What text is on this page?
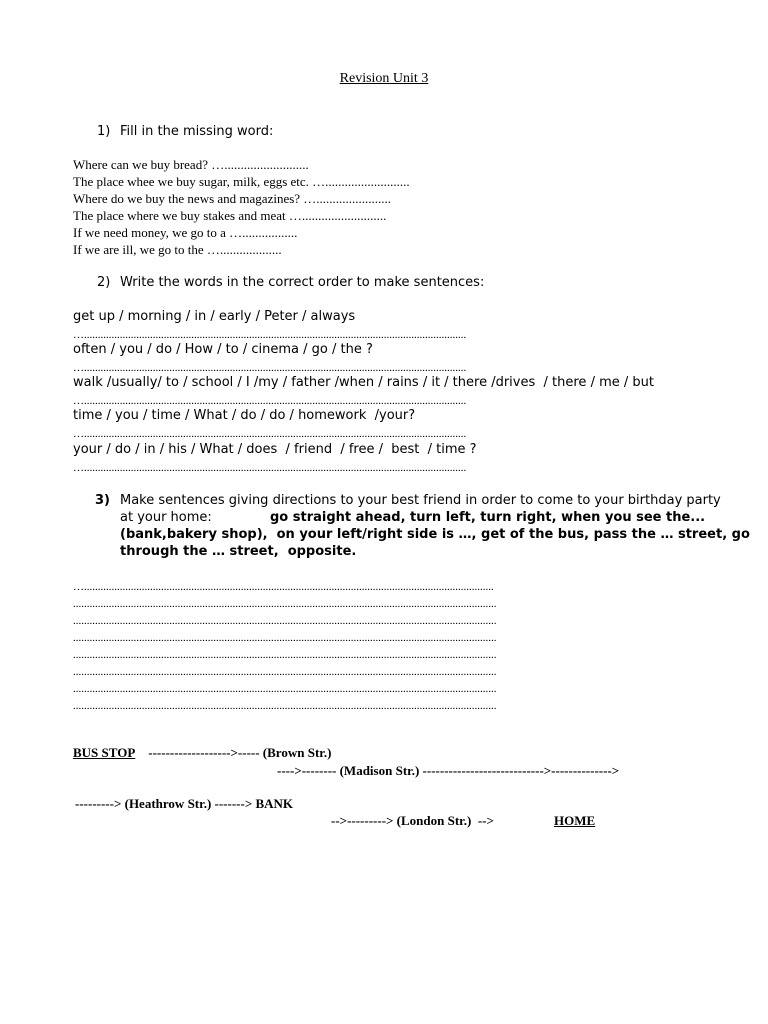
Revision Unit 3
1) Fill in the missing word:
Where can we buy bread? …..........................
The place whee we buy sugar, milk, eggs etc. …..........................
Where do we buy the news and magazines? ….......................
The place where we buy stakes and meat …..........................
If we need money, we go to a ….................
If we are ill, we go to the …...................
2) Write the words in the correct order to make sentences:
get up / morning / in / early / Peter / always
…...........................................................................................................................................
often / you / do / How / to / cinema / go / the ?
…...........................................................................................................................................
walk /usually/ to / school / I /my / father /when / rains / it / there /drives  / there / me / but
…...........................................................................................................................................
time / you / time / What / do / do / homework  /your?
…...........................................................................................................................................
your / do / in / his / What / does  / friend  / free /  best  / time ?
…...........................................................................................................................................
3) Make sentences giving directions to your best friend in order to come to your birthday party
at your home:	go straight ahead, turn left, turn right, when you see the...
(bank,bakery shop),  on your left/right side is …, get of the bus, pass the … street, go
through the … street,  opposite.
….....................................................................................................................................................
..........................................................................................................................................................
..........................................................................................................................................................
..........................................................................................................................................................
..........................................................................................................................................................
..........................................................................................................................................................
..........................................................................................................................................................
..........................................................................................................................................................
BUS STOP ------------------->----- (Brown Str.)
---->-------- (Madison Str.) ---------------------------->-------------->
---------> (Heathrow Str.) -------> BANK
-->---------> (London Str.)  -->	HOME
